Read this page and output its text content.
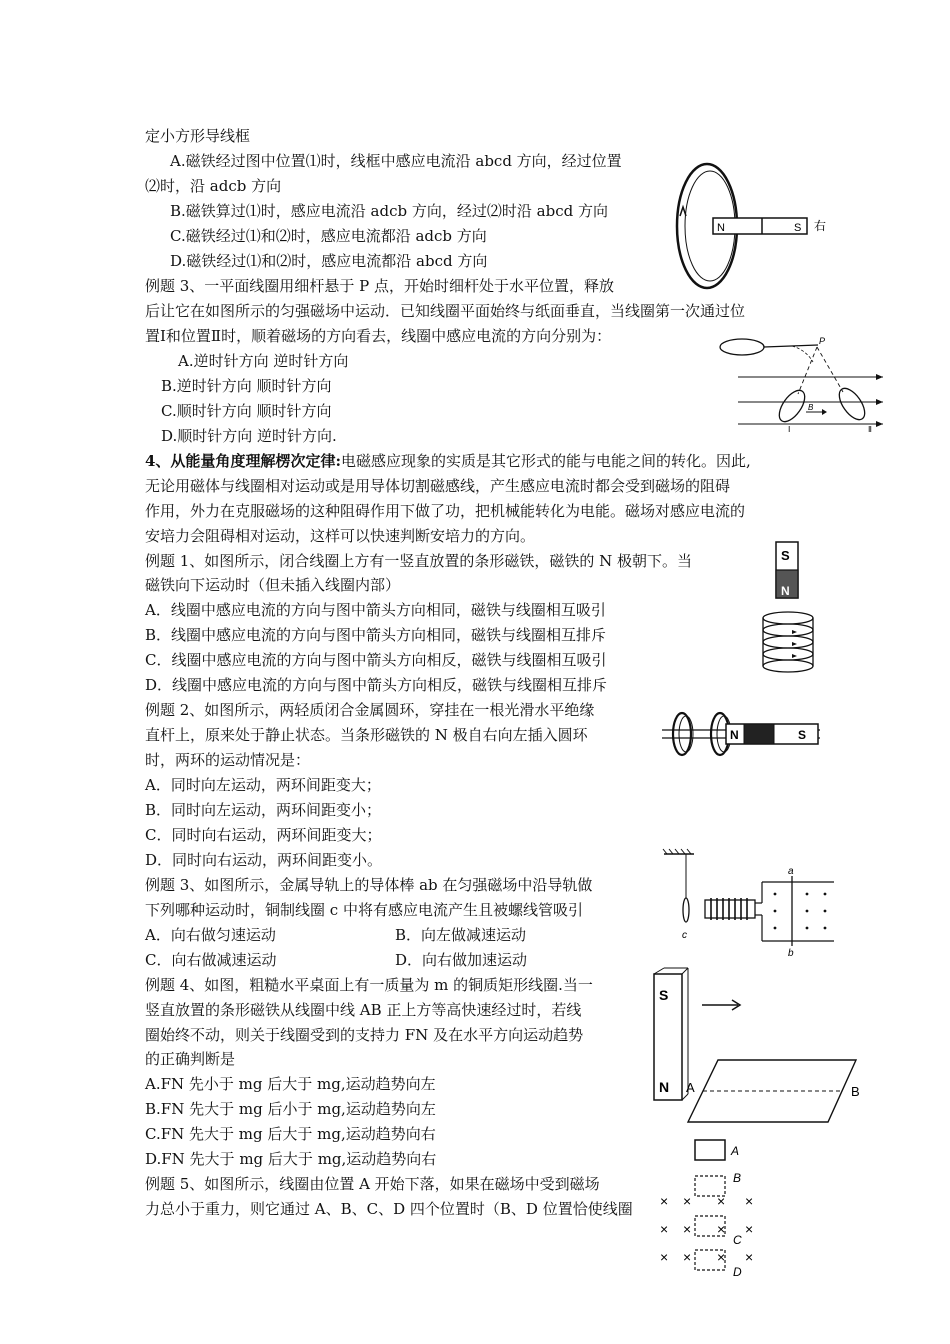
定小方形导线框
A.磁铁经过图中位置⑴时，线框中感应电流沿 abcd 方向，经过位置
⑵时，沿 adcb 方向
B.磁铁算过⑴时，感应电流沿 adcb 方向，经过⑵时沿 abcd 方向
C.磁铁经过⑴和⑵时，感应电流都沿 adcb 方向
D.磁铁经过⑴和⑵时，感应电流都沿 abcd 方向
例题 3、一平面线圈用细杆悬于 P 点，开始时细杆处于水平位置，释放
后让它在如图所示的匀强磁场中运动．已知线圈平面始终与纸面垂直，当线圈第一次通过位
置Ⅰ和位置Ⅱ时，顺着磁场的方向看去，线圈中感应电流的方向分别为：
A.逆时针方向 逆时针方向
B.逆时针方向 顺时针方向
C.顺时针方向 顺时针方向
D.顺时针方向 逆时针方向.
4、从能量角度理解楞次定律:电磁感应现象的实质是其它形式的能与电能之间的转化。因此,
无论用磁体与线圈相对运动或是用导体切割磁感线，产生感应电流时都会受到磁场的阻碍
作用，外力在克服磁场的这种阻碍作用下做了功，把机械能转化为电能。磁场对感应电流的
安培力会阻碍相对运动，这样可以快速判断安培力的方向。
例题 1、如图所示，闭合线圈上方有一竖直放置的条形磁铁，磁铁的 N 极朝下。当
磁铁向下运动时（但未插入线圈内部）
A．线圈中感应电流的方向与图中箭头方向相同，磁铁与线圈相互吸引
B．线圈中感应电流的方向与图中箭头方向相同，磁铁与线圈相互排斥
C．线圈中感应电流的方向与图中箭头方向相反，磁铁与线圈相互吸引
D．线圈中感应电流的方向与图中箭头方向相反，磁铁与线圈相互排斥
例题 2、如图所示，两轻质闭合金属圆环，穿挂在一根光滑水平绝缘
直杆上，原来处于静止状态。当条形磁铁的 N 极自右向左插入圆环
时，两环的运动情况是：
A．同时向左运动，两环间距变大；
B．同时向左运动，两环间距变小；
C．同时向右运动，两环间距变大；
D．同时向右运动，两环间距变小。
例题 3、如图所示，金属导轨上的导体棒 ab 在匀强磁场中沿导轨做
下列哪种运动时，铜制线圈 c 中将有感应电流产生且被螺线管吸引
A．向右做匀速运动	B．向左做减速运动
C．向右做减速运动	D．向右做加速运动
例题 4、如图，粗糙水平桌面上有一质量为 m 的铜质矩形线圈.当一
竖直放置的条形磁铁从线圈中线 AB 正上方等高快速经过时，若线
圈始终不动，则关于线圈受到的支持力 FN 及在水平方向运动趋势
的正确判断是
A.FN 先小于 mg 后大于 mg,运动趋势向左
B.FN 先大于 mg 后小于 mg,运动趋势向左
C.FN 先大于 mg 后大于 mg,运动趋势向右
D.FN 先大于 mg 后大于 mg,运动趋势向右
例题 5、如图所示，线圈由位置 A 开始下落，如果在磁场中受到磁场
力总小于重力，则它通过 A、B、C、D 四个位置时（B、D 位置恰使线圈
N	S 右
P
B
Ⅰ	Ⅱ
S
N
N	S
c
a
b
S
N A	B
A
B
C
D
× × × ×
× × × ×
× × × ×
